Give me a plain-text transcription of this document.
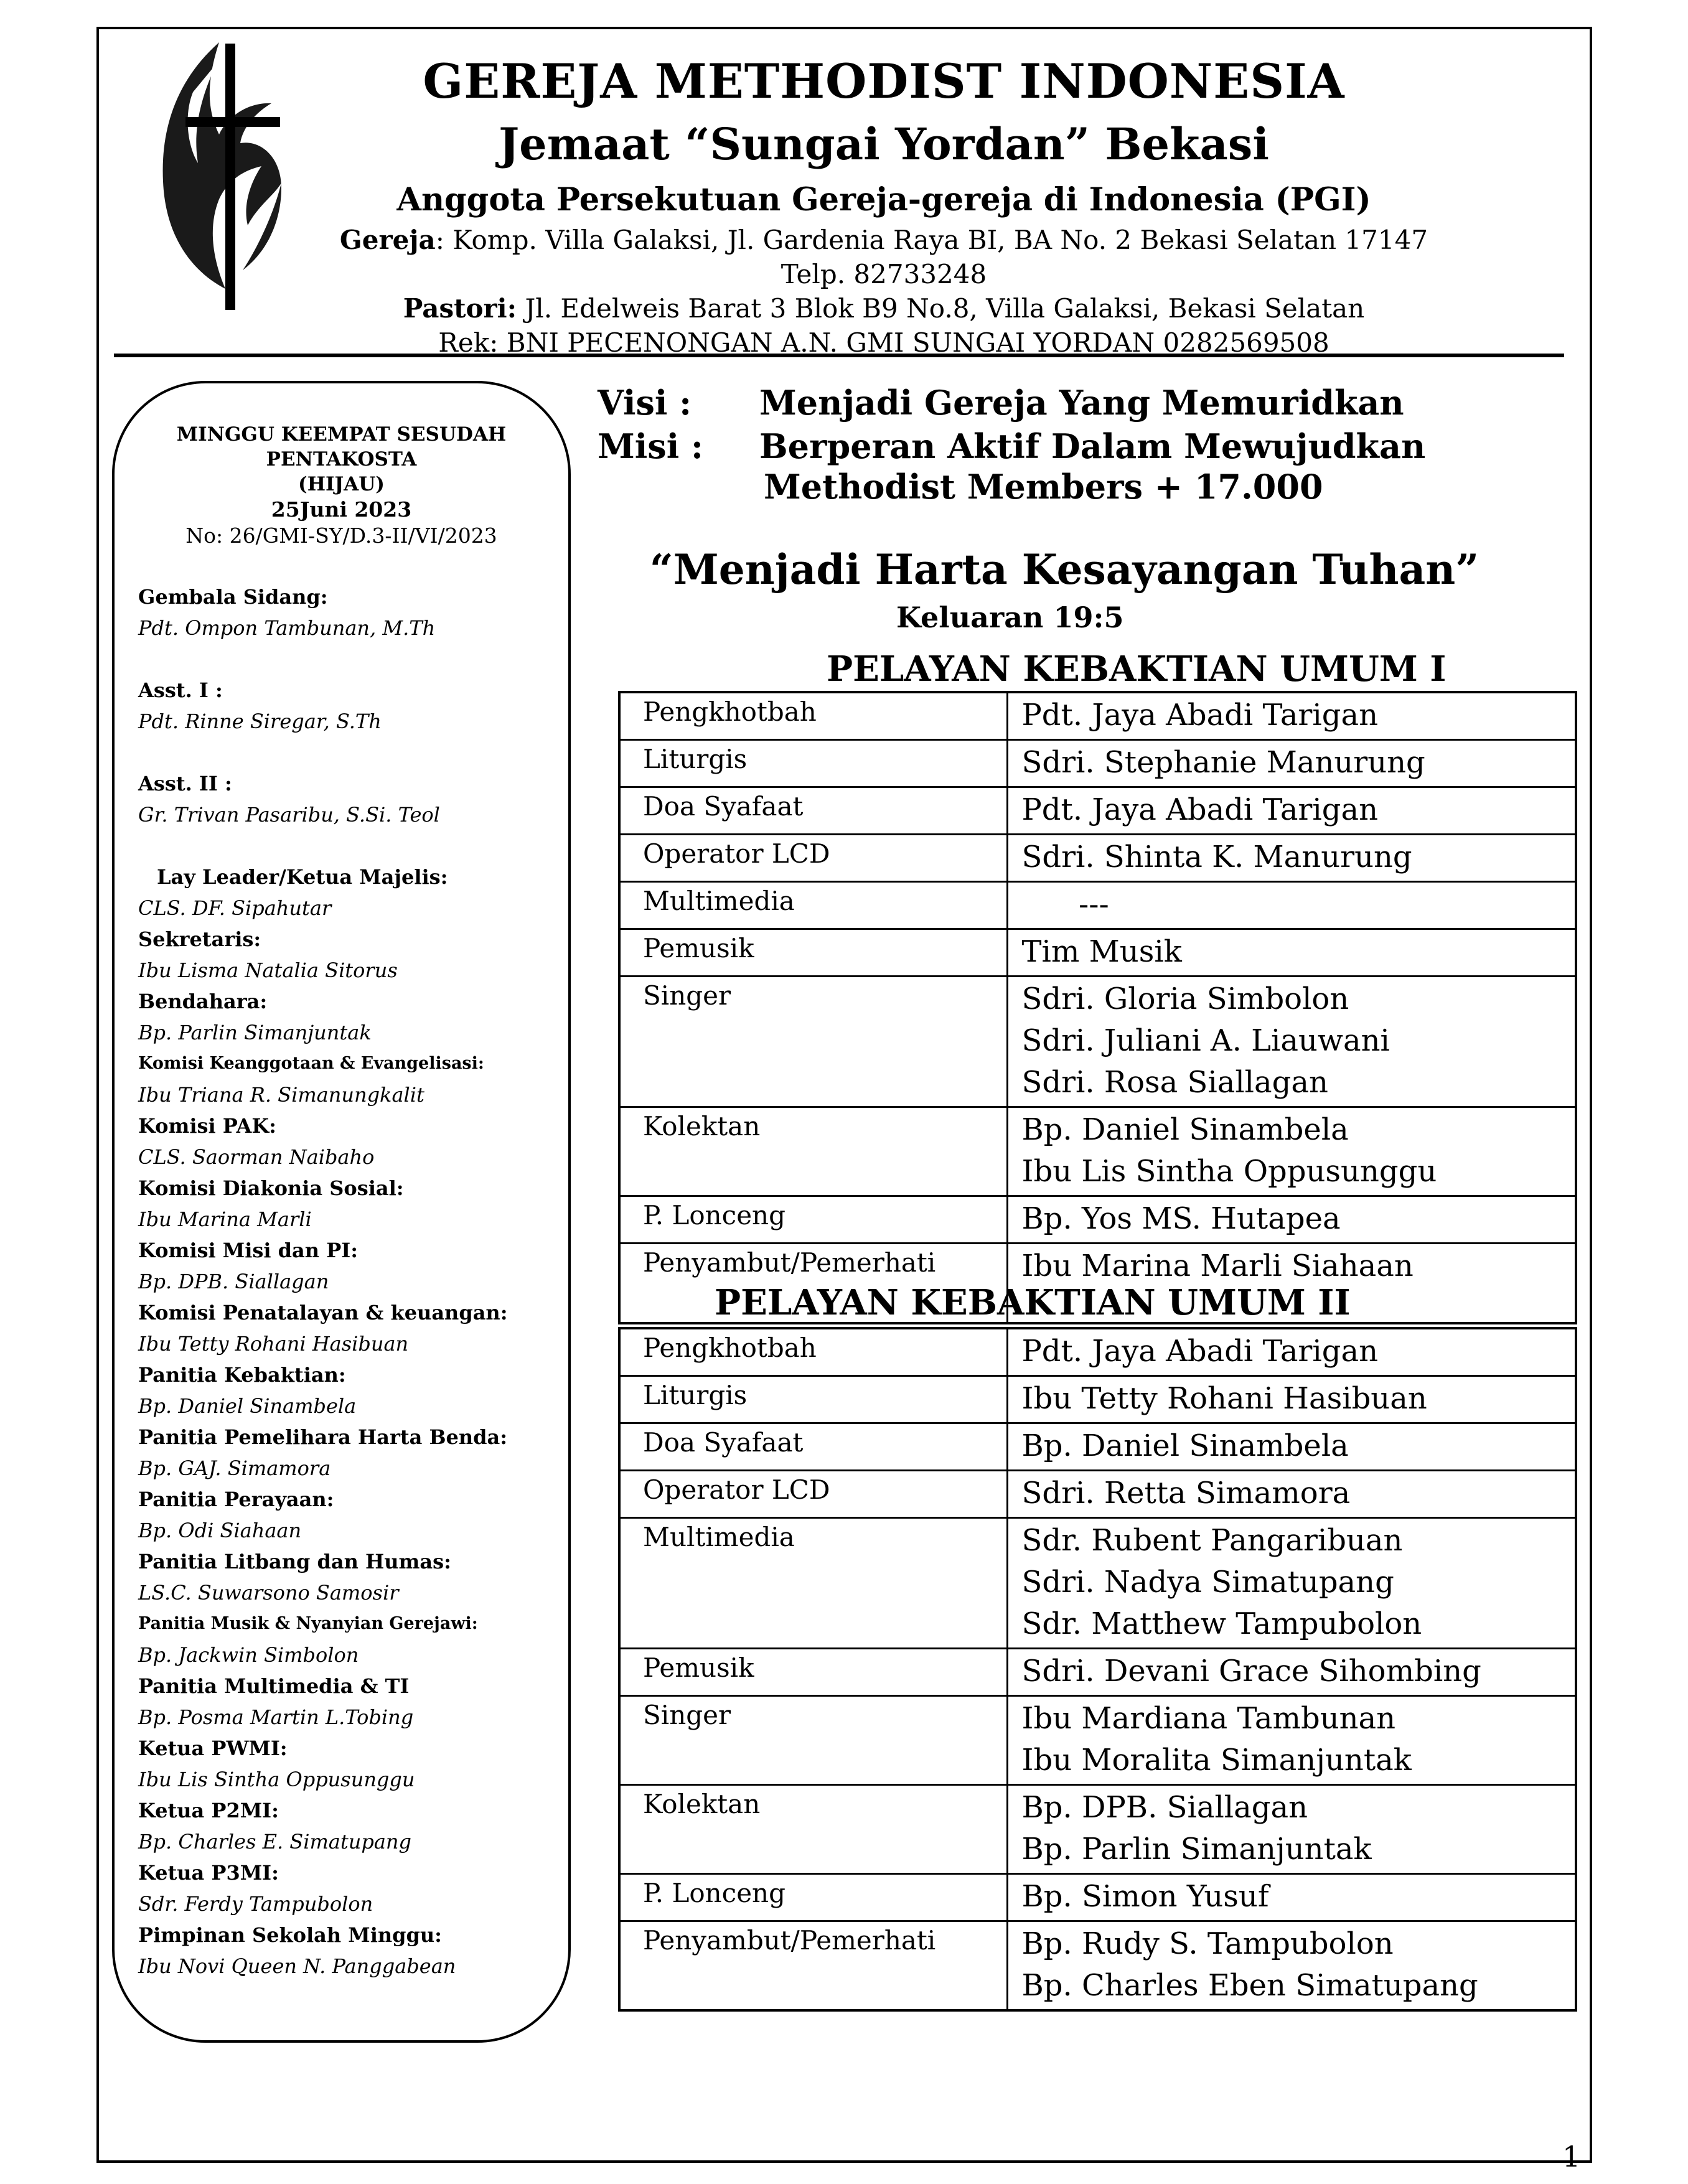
GEREJA METHODIST INDONESIA
Jemaat “Sungai Yordan” Bekasi
Anggota Persekutuan Gereja-gereja di Indonesia (PGI)
Gereja: Komp. Villa Galaksi, Jl. Gardenia Raya BI, BA No. 2 Bekasi Selatan 17147
Telp. 82733248
Pastori: Jl. Edelweis Barat 3 Blok B9 No.8, Villa Galaksi, Bekasi Selatan
Rek: BNI PECENONGAN A.N. GMI SUNGAI YORDAN 0282569508
MINGGU KEEMPAT SESUDAH
PENTAKOSTA
(HIJAU)
25Juni 2023
No: 26/GMI-SY/D.3-II/VI/2023
Gembala Sidang:
Pdt. Ompon Tambunan, M.Th
Asst. I :
Pdt. Rinne Siregar, S.Th
Asst. II :
Gr. Trivan Pasaribu, S.Si. Teol
Lay Leader/Ketua Majelis:
CLS. DF. Sipahutar
Sekretaris:
Ibu Lisma Natalia Sitorus
Bendahara:
Bp. Parlin Simanjuntak
Komisi Keanggotaan & Evangelisasi:
Ibu Triana R. Simanungkalit
Komisi PAK:
CLS. Saorman Naibaho
Komisi Diakonia Sosial:
Ibu Marina Marli
Komisi Misi dan PI:
Bp. DPB. Siallagan
Komisi Penatalayan & keuangan:
Ibu Tetty Rohani Hasibuan
Panitia Kebaktian:
Bp. Daniel Sinambela
Panitia Pemelihara Harta Benda:
Bp. GAJ. Simamora
Panitia Perayaan:
Bp. Odi Siahaan
Panitia Litbang dan Humas:
LS.C. Suwarsono Samosir
Panitia Musik & Nyanyian Gerejawi:
Bp. Jackwin Simbolon
Panitia Multimedia & TI
Bp. Posma Martin L.Tobing
Ketua PWMI:
Ibu Lis Sintha Oppusunggu
Ketua P2MI:
Bp. Charles E. Simatupang
Ketua P3MI:
Sdr. Ferdy Tampubolon
Pimpinan Sekolah Minggu:
Ibu Novi Queen N. Panggabean
Visi :	Menjadi Gereja Yang Memuridkan
Misi :	Berperan Aktif Dalam Mewujudkan
Methodist Members + 17.000
“Menjadi Harta Kesayangan Tuhan”
Keluaran 19:5
PELAYAN KEBAKTIAN UMUM I
Pengkhotbah	Pdt. Jaya Abadi Tarigan

Liturgis	Sdri. Stephanie Manurung

Doa Syafaat	Pdt. Jaya Abadi Tarigan

Operator LCD	Sdri. Shinta K. Manurung

Multimedia	---

Pemusik	Tim Musik

Singer	Sdri. Gloria Simbolon
Sdri. Juliani A. Liauwani
Sdri. Rosa Siallagan

Kolektan	Bp. Daniel Sinambela
Ibu Lis Sintha Oppusunggu

P. Lonceng	Bp. Yos MS. Hutapea

Penyambut/Pemerhati	Ibu Marina Marli Siahaan
PELAYAN KEBAKTIAN UMUM II
Pengkhotbah	Pdt. Jaya Abadi Tarigan

Liturgis	Ibu Tetty Rohani Hasibuan

Doa Syafaat	Bp. Daniel Sinambela

Operator LCD	Sdri. Retta Simamora

Multimedia	Sdr. Rubent Pangaribuan
Sdri. Nadya Simatupang
Sdr. Matthew Tampubolon

Pemusik	Sdri. Devani Grace Sihombing

Singer	Ibu Mardiana Tambunan
Ibu Moralita Simanjuntak

Kolektan	Bp. DPB. Siallagan
Bp. Parlin Simanjuntak

P. Lonceng	Bp. Simon Yusuf

Penyambut/Pemerhati	Bp. Rudy S. Tampubolon
Bp. Charles Eben Simatupang
1
